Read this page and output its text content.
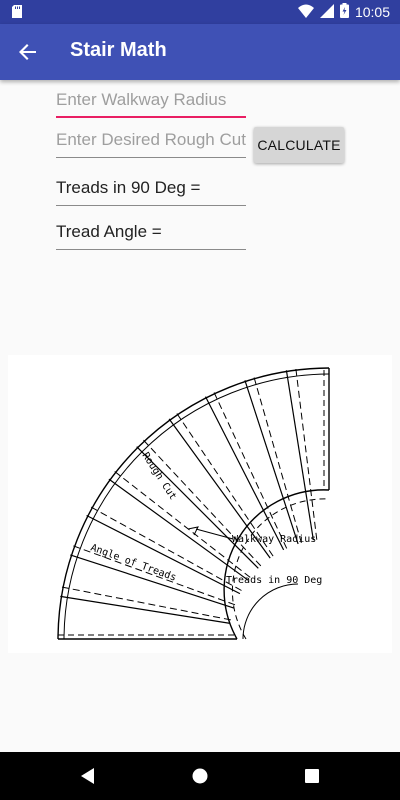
10:05
Stair Math
Enter Walkway Radius
Enter Desired Rough Cut
CALCULATE
Treads in 90 Deg =
Tread Angle =
Rough Cut
Walkway Radius
Angle of Treads	Treads in 90 Deg
